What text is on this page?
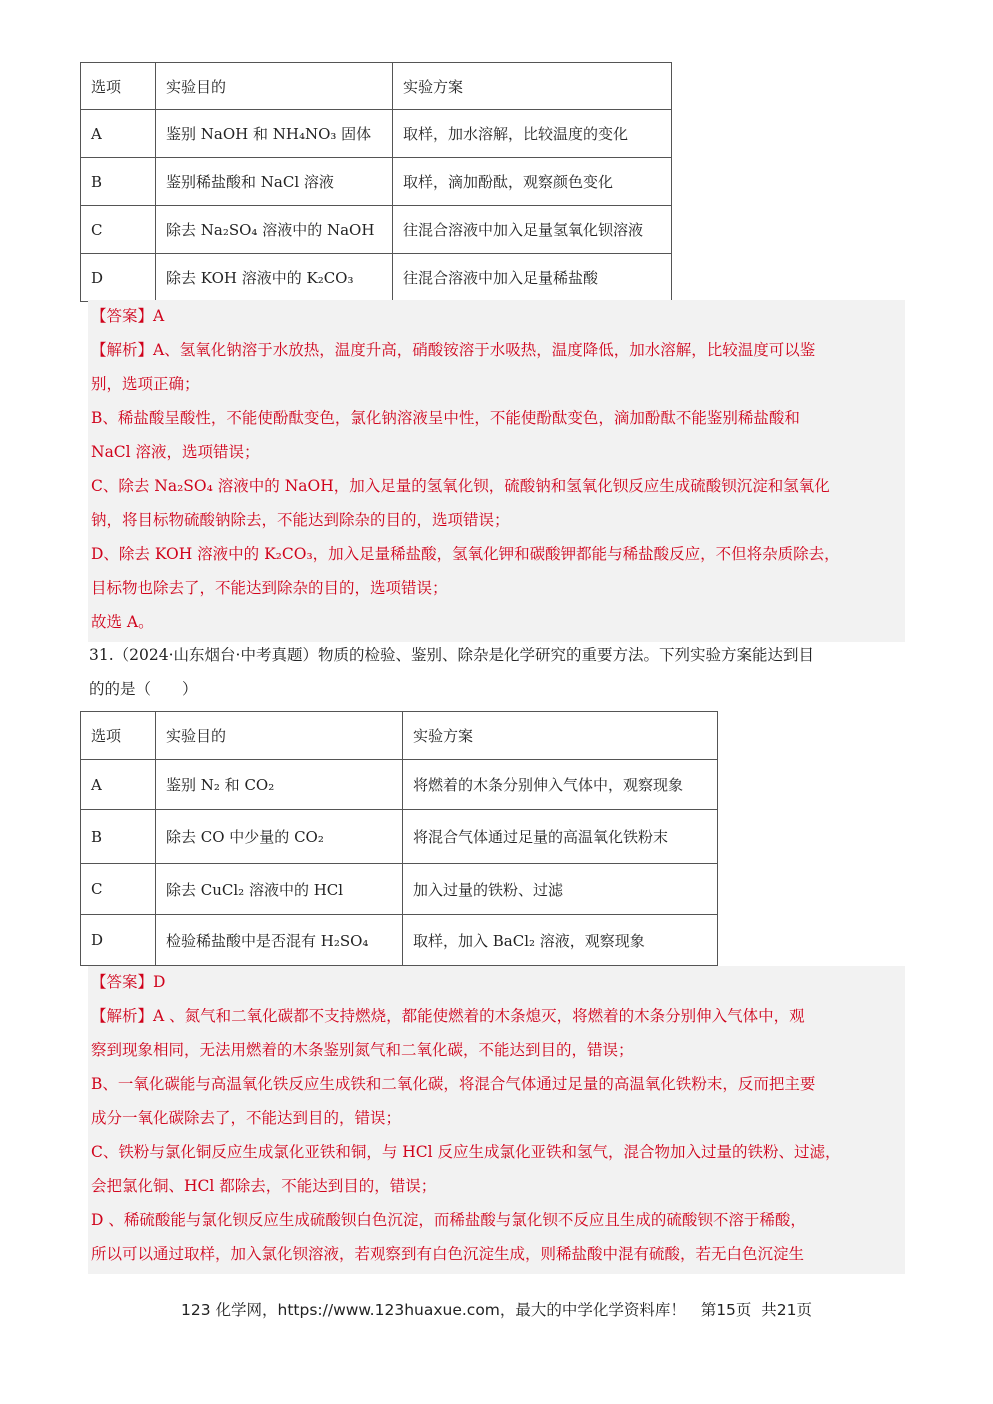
选项	实验目的	实验方案
A	鉴别 NaOH 和 NH₄NO₃ 固体	取样，加水溶解，比较温度的变化
B	鉴别稀盐酸和 NaCl 溶液	取样，滴加酚酞，观察颜色变化
C	除去 Na₂SO₄ 溶液中的 NaOH	往混合溶液中加入足量氢氧化钡溶液
D	除去 KOH 溶液中的 K₂CO₃	往混合溶液中加入足量稀盐酸
【答案】A
【解析】A、氢氧化钠溶于水放热，温度升高，硝酸铵溶于水吸热，温度降低，加水溶解，比较温度可以鉴
别，选项正确；
B、稀盐酸呈酸性，不能使酚酞变色，氯化钠溶液呈中性，不能使酚酞变色，滴加酚酞不能鉴别稀盐酸和
NaCl 溶液，选项错误；
C、除去 Na₂SO₄ 溶液中的 NaOH，加入足量的氢氧化钡，硫酸钠和氢氧化钡反应生成硫酸钡沉淀和氢氧化
钠，将目标物硫酸钠除去，不能达到除杂的目的，选项错误；
D、除去 KOH 溶液中的 K₂CO₃，加入足量稀盐酸，氢氧化钾和碳酸钾都能与稀盐酸反应，不但将杂质除去，
目标物也除去了，不能达到除杂的目的，选项错误；
故选 A。
31.（2024·山东烟台·中考真题）物质的检验、鉴别、除杂是化学研究的重要方法。下列实验方案能达到目
的的是（　　）
选项	实验目的	实验方案
A	鉴别 N₂ 和 CO₂	将燃着的木条分别伸入气体中，观察现象
B	除去 CO 中少量的 CO₂	将混合气体通过足量的高温氧化铁粉末
C	除去 CuCl₂ 溶液中的 HCl	加入过量的铁粉、过滤
D	检验稀盐酸中是否混有 H₂SO₄	取样，加入 BaCl₂ 溶液，观察现象
【答案】D
【解析】A 、氮气和二氧化碳都不支持燃烧，都能使燃着的木条熄灭，将燃着的木条分别伸入气体中，观
察到现象相同，无法用燃着的木条鉴别氮气和二氧化碳，不能达到目的，错误；
B、一氧化碳能与高温氧化铁反应生成铁和二氧化碳，将混合气体通过足量的高温氧化铁粉末，反而把主要
成分一氧化碳除去了，不能达到目的，错误；
C、铁粉与氯化铜反应生成氯化亚铁和铜，与 HCl 反应生成氯化亚铁和氢气，混合物加入过量的铁粉、过滤，
会把氯化铜、HCl 都除去，不能达到目的，错误；
D 、稀硫酸能与氯化钡反应生成硫酸钡白色沉淀，而稀盐酸与氯化钡不反应且生成的硫酸钡不溶于稀酸，
所以可以通过取样，加入氯化钡溶液，若观察到有白色沉淀生成，则稀盐酸中混有硫酸，若无白色沉淀生
123 化学网，https://www.123huaxue.com，最大的中学化学资料库！ 第15页  共21页
